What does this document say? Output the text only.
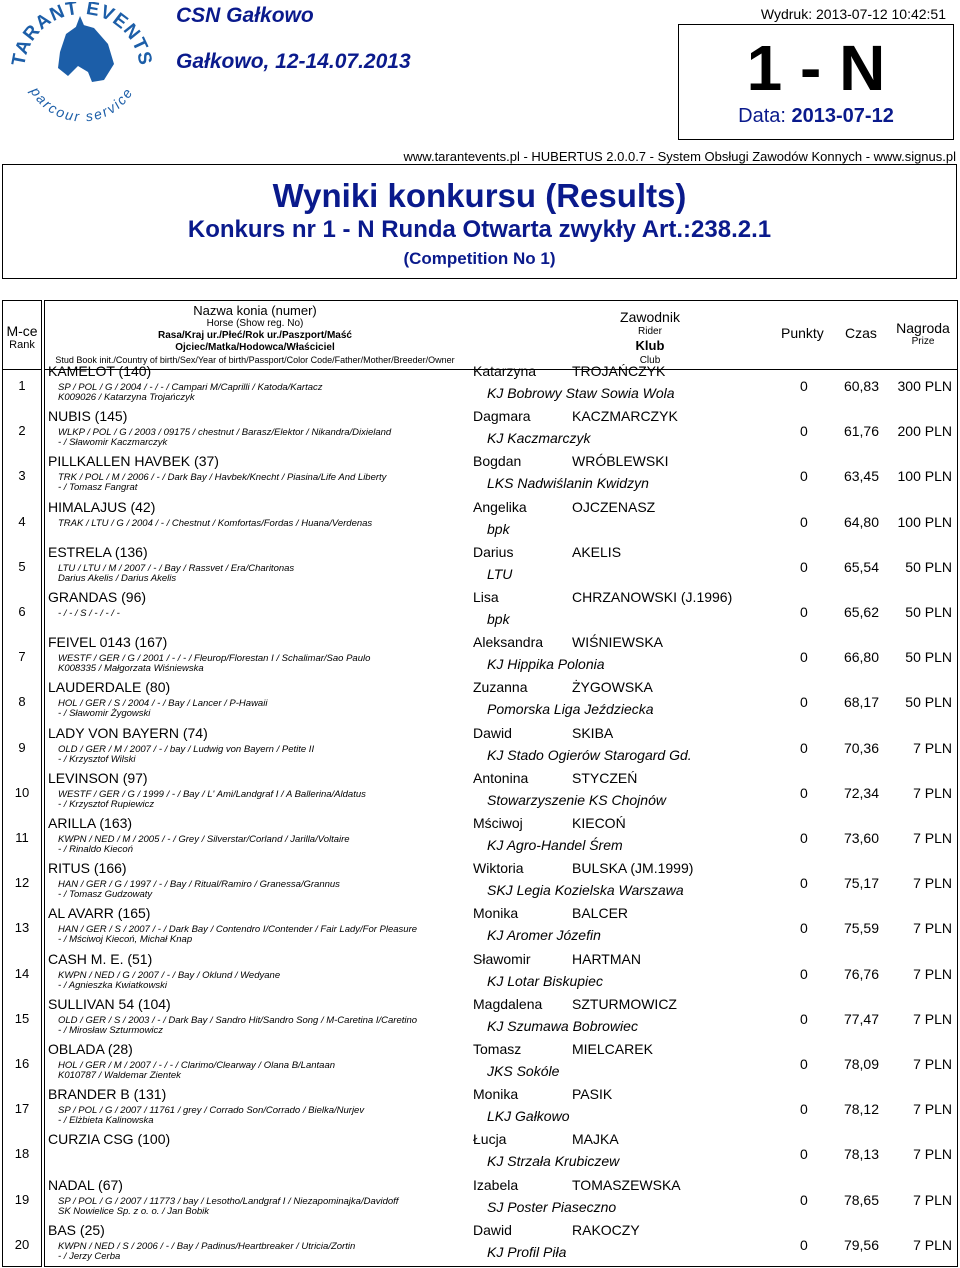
TARANT EVENTS
parcour service
CSN Gałkowo
Gałkowo, 12-14.07.2013
Wydruk: 2013-07-12 10:42:51
1 - N
Data: 2013-07-12
www.tarantevents.pl - HUBERTUS 2.0.0.7 - System Obsługi Zawodów Konnych - www.signus.pl
Wyniki konkursu (Results)
Konkurs nr 1 - N Runda Otwarta zwykły Art.:238.2.1
(Competition No 1)
M-ce
Rank
Nazwa konia (numer)
Horse (Show reg. No)
Rasa/Kraj ur./Płeć/Rok ur./Paszport/Maść
Ojciec/Matka/Hodowca/Właściciel
Stud Book init./Country of birth/Sex/Year of birth/Passport/Color Code/Father/Mother/Breeder/Owner
Zawodnik
Rider
Klub
Club
Punkty Czas	Nagroda
Prize
1
KAMELOT (140)
SP / POL / G / 2004 / - / - / Campari M/Caprilli / Katoda/Kartacz
K009026 / Katarzyna Trojańczyk
Katarzyna	TROJAŃCZYK
KJ Bobrowy Staw Sowia Wola	0	60,83	300 PLN
2
NUBIS (145)
WLKP / POL / G / 2003 / 09175 / chestnut / Barasz/Elektor / Nikandra/Dixieland
- / Sławomir Kaczmarczyk
Dagmara	KACZMARCZYK
KJ Kaczmarczyk	0	61,76	200 PLN
3
PILLKALLEN HAVBEK (37)
TRK / POL / M / 2006 / - / Dark Bay / Havbek/Knecht / Piasina/Life And Liberty
- / Tomasz Fangrat
Bogdan	WRÓBLEWSKI
LKS Nadwiślanin Kwidzyn	0	63,45	100 PLN
4
HIMALAJUS (42)
TRAK / LTU / G / 2004 / - / Chestnut / Komfortas/Fordas / Huana/Verdenas
Angelika	OJCZENASZ
bpk	0	64,80	100 PLN
5
ESTRELA (136)
LTU / LTU / M / 2007 / - / Bay / Rassvet / Era/Charitonas
Darius Akelis / Darius Akelis
Darius	AKELIS
LTU	0	65,54	50 PLN
6
GRANDAS (96)
- / - / S / - / - / -
Lisa	CHRZANOWSKI (J.1996)
bpk	0	65,62	50 PLN
7
FEIVEL 0143 (167)
WESTF / GER / G / 2001 / - / - / Fleurop/Florestan I / Schalimar/Sao Paulo
K008335 / Małgorzata Wiśniewska
Aleksandra WIŚNIEWSKA
KJ Hippika Polonia	0	66,80	50 PLN
8
LAUDERDALE (80)
HOL / GER / S / 2004 / - / Bay / Lancer / P-Hawaii
- / Sławomir Żygowski
Zuzanna	ŻYGOWSKA
Pomorska Liga Jeździecka	0	68,17	50 PLN
9
LADY VON BAYERN (74)
OLD / GER / M / 2007 / - / bay / Ludwig von Bayern / Petite II
- / Krzysztof Wilski
Dawid	SKIBA
KJ Stado Ogierów Starogard Gd.	0	70,36	7 PLN
10
LEVINSON (97)
WESTF / GER / G / 1999 / - / Bay / L' Ami/Landgraf I / A Ballerina/Aldatus
- / Krzysztof Rupiewicz
Antonina	STYCZEŃ
Stowarzyszenie KS Chojnów	0	72,34	7 PLN
11
ARILLA (163)
KWPN / NED / M / 2005 / - / Grey / Silverstar/Corland / Jarilla/Voltaire
- / Rinaldo Kiecoń
Mściwoj	KIECOŃ
KJ Agro-Handel Śrem	0	73,60	7 PLN
12
RITUS (166)
HAN / GER / G / 1997 / - / Bay / Ritual/Ramiro / Granessa/Grannus
- / Tomasz Gudzowaty
Wiktoria	BULSKA (JM.1999)
SKJ Legia Kozielska Warszawa	0	75,17	7 PLN
13
AL AVARR (165)
HAN / GER / S / 2007 / - / Dark Bay / Contendro I/Contender / Fair Lady/For Pleasure
- / Mściwoj Kiecoń, Michał Knap
Monika	BALCER
KJ Aromer Józefin	0	75,59	7 PLN
14
CASH M. E. (51)
KWPN / NED / G / 2007 / - / Bay / Oklund / Wedyane
- / Agnieszka Kwiatkowski
Sławomir	HARTMAN
KJ Lotar Biskupiec	0	76,76	7 PLN
15
SULLIVAN 54 (104)
OLD / GER / S / 2003 / - / Dark Bay / Sandro Hit/Sandro Song / M-Caretina I/Caretino
- / Mirosław Szturmowicz
Magdalena SZTURMOWICZ
KJ Szumawa Bobrowiec	0	77,47	7 PLN
16
OBLADA (28)
HOL / GER / M / 2007 / - / - / Clarimo/Clearway / Olana B/Lantaan
K010787 / Waldemar Zientek
Tomasz	MIELCAREK
JKS Sokóle	0	78,09	7 PLN
17
BRANDER B (131)
SP / POL / G / 2007 / 11761 / grey / Corrado Son/Corrado / Bielka/Nurjev
- / Elżbieta Kalinowska
Monika	PASIK
LKJ Gałkowo	0	78,12	7 PLN
18
CURZIA CSG (100)	Łucja	MAJKA
KJ Strzała Krubiczew	0	78,13	7 PLN
19
NADAL (67)
SP / POL / G / 2007 / 11773 / bay / Lesotho/Landgraf I / Niezapominajka/Davidoff
SK Nowielice Sp. z o. o. / Jan Bobik
Izabela	TOMASZEWSKA
SJ Poster Piaseczno	0	78,65	7 PLN
20
BAS (25)
KWPN / NED / S / 2006 / - / Bay / Padinus/Heartbreaker / Utricia/Zortin
- / Jerzy Cerba
Dawid	RAKOCZY
KJ Profil Piła	0	79,56	7 PLN
